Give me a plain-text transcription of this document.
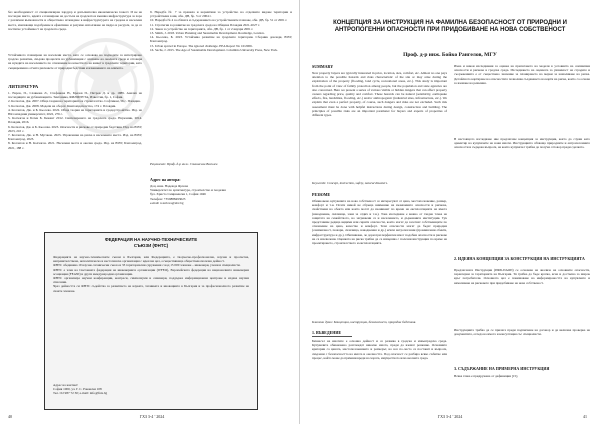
без необходимост от специализиран хардуер и допълнителна икономическа тежест. И не на последно място, идеята е планиране на достъпа на градската и външна инфраструктура за хора с различни възможности и обществено вглеждане в инфраструктурата на градове и населени места, изискващи подобрение и ефективно и разумно използване на хидро и ресурси, за да се постигне устойчивост на градската среда.
Устойчивото планиране на населени места, като се основава на подходите за интегрирано градско развитие, свързва процесите на урбанизация с опазване на околната среда и отговаря на нуждите на населението по отношение на качеството на живот в градските територии, като същевременно отчита рисковете от природни бедствия и изменението на климата.
ЛИТЕРАТУРА
1. Евров, П., Славкова Л., Стефанова Н., Брезов П., Петров Д. и др. 1989. Анализ на последиците на урбанизацията. Тектоника, ФИЛМПУТА, Известия, бр. 1, София.
2. Колчагов, Дж. 2007. Обща теория на територията и строителство. Софтиком, 56 с. Пловдив.
3. Колчагов, Дж. 2008. Модели на оборот. Книгоиздателство, 174 с. Пловдив.
4. Колчагов, Дж. и Б. Кьосева. 2022. Обща теория на територията и градоустройство. Изд. на Югозападния университет, 2022, 276 с.
5. Колчагов и Ботев Б. Бежант 2012. Синтезирането на градската среда. Наръчник, 2014. Пловдив, 2016.
6. Колчагов, Дж. и Б. Кьосева. 2023. Опасности и рискове от природни бедствия. Изд. на ЮЗУ, 2023, 210 с.
7. Колчагов, Дж. и Н. Мусаков. 2023. Управление на риска в населените места. Изд. на ЮЗУ, Благоевград, 2023.
8. Колчагов и Н. Колчагов. 2021. Населени места и околна среда. Изд. на ЮЗУ, Благоевград, 2021, 188 с.
9. Наредба № 7 за правила и нормативи за устройство на отделните видове територии и устройствени зони, обн. ДВ, бр. 3 от 2004 г.
10. Наредба № 4 за обхвата и съдържанието на устройствените планове, обн. ДВ, бр. 51 от 2001 г.
11. Стратегия за развитие на градската среда на Община Пловдив 2021-2027 г.
12. Закон за устройство на територията, обн. ДВ, бр. 1 от 2 януари 2001 г.
13. Smith, J. 2018. Urban Planning and Sustainable Development. Routledge, London.
14. Кьосева, Б. 2023. Устойчиво развитие на градските територии. Сборник доклади, ЮЗУ, Благоевград.
15. Urban sprawl in Europe. The ignored challenge. EEA Report No 10/2006.
16. Sachs, J. 2015. The Age of Sustainable Development. Columbia University Press, New York.
Рецензент: Проф. д-р инж. Станислав Василев
Адрес на автора:
Доц. инж. Надежда Ярлова
Университет по архитектура, строителство и геодезия
бул. Христо Смирненски 1, София 1046
Телефон: +359888493023
e-mail: n.iarlova@abv.bg
ФЕДЕРАЦИЯ НА НАУЧНО-ТЕХНИЧЕСКИТЕ
СЪЮЗИ (ФНТС)
Федерацията на научно-техническите съюзи в България, или Федерацията, е творческо-професионална, научна и просветна, неправителствена, неполитическа и нестопанска организация с идеална цел, осъществяваща общественополезна дейност.
ФНТС обединява 19 научно-технически съюза и 33 териториални сдружения с над 15 000 членове – инженери, учени и специалисти.
ФНТС е член на Световната федерация на инженерните организации (WFEO), Европейската федерация на националните инженерни асоциации (FEANI) и други международни организации.
ФНТС организира научни конференции, конгреси, симпозиуми и семинари, поддържа информационни центрове и издава научни списания.
Чрез дейността си ФНТС съдейства за развитието на науката, техниката и иновациите в България и за професионалното развитие на своите членове.
Адрес на контакт:
София 1000, ул. Г. С. Раковски 108
Тел.: 02 987 72 30; e-mail: info@fnts.bg
40	ГХЗ 3-4 ’ 2024
КОНЦЕПЦИЯ ЗА ИНСТРУКЦИЯ НА ФАМИЛНА БЕЗОПАСНОСТ ОТ ПРИРОДНИ И АНТРОПОГЕННИ ОПАСНОСТИ ПРИ ПРИДОБИВАНЕ НА НОВА СОБСТВЕНОСТ
Проф. д-р инж. Бойко Рангелов, МГУ
SUMMARY
New property buyers are typically interested in price, location, size, comfort, etc. Almost no one pays attention to the possible hazards and risks characteristic of the site or may arise during the exploitation of the property (flooding, land cycle, recreational areas, etc.). This study is important from the point of view of family protection among people, but the population and state agencies are also concerned. Here we present a series of various visible or hidden dangers that can affect property owners regarding price, quality and comfort. These hazards can be natural (seismicity, earthquake effects, fire, landslides, flooding, etc.) and/or anthropogenic (industrial sites, infrastructure, etc.). We explain that even a perfect property, of course, such dangers and risks are not excluded. Such risk assessment must be done with helpful instructions during design, construction and building. The principles of possible risks are an important parameter for buyers and experts of properties of different types.
Keywords: Concept, instruction, safety, natural disasters.
РЕЗЮМЕ
Обикновено купувачите на нова собственост се интересуват от цена, местоположение, размер, комфорт и т.н. Почти никой не обръща внимание на възможните опасности и рискове, свойствени на обекта или които могат да възникнат по време на експлоатацията на имота (наводнение, свлачище, зони за отдих и т.н.). Това изследване е важно от гледна точка на защитата на семейството, но загрижени са и населението, и държавните институции. Тук представяме редица видими или скрити опасности, които могат да засегнат собствениците по отношение на цена, качество и комфорт. Тези опасности могат да бъдат природни (сеизмичност, пожари, свлачища, наводнения и др.) и/или антропогенни (промишлени обекти, инфраструктура и др.). Обясняваме, че дори при перфектен имот подобни опасности и рискове не са изключени. Оценката на риска трябва да се извършва с полезни инструкции по време на проектирането, строителството и експлоатацията.
Ключови думи: Концепция, инструкция, безопасност, природни бедствия.
1. ВЪВЕДЕНИЕ
Бизнесът на имотите е основна дейност и се развива в градска и извънградска среда. Купувачите обикновено разглеждат няколко имота, преди да вземат решение. Основните критерии са цената, местоположението и размерът, но все по-често се поставят и въпроси, свързани с безопасността на имота и околността. Под опасност се разбира всяко събитие или процес, който може да причини вреди на хората, имуществото или околната среда.
Имаа и някои изследвания за оценка на прилагането на модели в условията на сеизмични опасности и рискове в градска среда. Изследването на оценката за уязвимост на сградите и съоръженията е от съществено значение за планирането на мерки за намаляване на риска. Детайлното картиране на опасностите позволява създаването на карти на риска, които са основа за вземане на решения.
В настоящото изследване ние предлагаме концепция за инструкция, която да служи като ориентир на купувачите на нови имоти. Инструкцията обхваща природните и антропогенните опасности и съдържа въпроси, на които купувачът трябва да получи отговор преди сделката.
2. ИДЕЯНА КОНЦЕПЦИЯ ЗА КОНСТРУКЦИЯ НА ИНСТРУКЦИЯТА
Предлаганата Инструкция (ИФБ-ПАОП) се основава на анализа на основните опасности, характерни за територията на България. Тя трябва да бъде кратка, ясна и достъпна за широк кръг потребители. Основната цел е повишаване на информираността на купувачите и намаляване на рисковете при придобиване на нова собственост.
Инструкцията трябва да се прилага преди подписване на договор и да включва проверка на документите, огледа на имота и консултация със специалисти.
3. СЪДЪРЖАНИЕ НА ПРИМЕРНА ИНСТРУКЦИЯ
Всяка глава е придружена от дефиниции [15].
ГХЗ 3-4 ’ 2024	41
